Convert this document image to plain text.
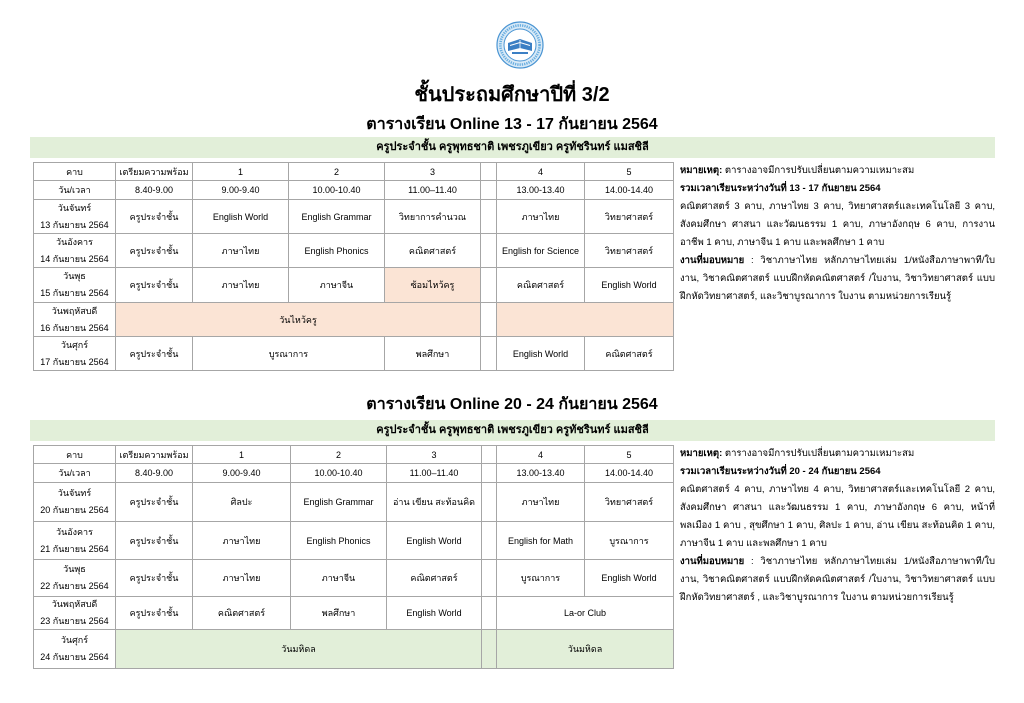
ชั้นประถมศึกษาปีที่ 3/2
ตารางเรียน Online 13 - 17 กันยายน 2564
ครูประจำชั้น ครูพุทธชาติ เพชรภูเขียว ครูทัชรินทร์ แมสชิลี
คาบ	เตรียมความพร้อม	1	2	3		4	5

วัน/เวลา	8.40-9.00	9.00-9.40	10.00-10.40	11.00–11.40		13.00-13.40	14.00-14.40

วันจันทร์
13 กันยายน 2564	ครูประจำชั้น	English World	English Grammar	วิทยาการคำนวณ		ภาษาไทย	วิทยาศาสตร์

วันอังคาร
14 กันยายน 2564	ครูประจำชั้น	ภาษาไทย	English Phonics	คณิตศาสตร์		English for Science	วิทยาศาสตร์

วันพุธ
15 กันยายน 2564	ครูประจำชั้น	ภาษาไทย	ภาษาจีน	ซ้อมไหว้ครู		คณิตศาสตร์	English World

วันพฤหัสบดี
16 กันยายน 2564	วันไหว้ครู						

วันศุกร์
17 กันยายน 2564	ครูประจำชั้น	บูรณาการ		พลศึกษา		English World	คณิตศาสตร์

หมายเหตุ: ตารางอาจมีการปรับเปลี่ยนตามความเหมาะสม

รวมเวลาเรียนระหว่างวันที่ 13 - 17 กันยายน 2564

คณิตศาสตร์ 3 คาบ, ภาษาไทย 3 คาบ, วิทยาศาสตร์และเทคโนโลยี 3 คาบ, สังคมศึกษา ศาสนา และวัฒนธรรม 1 คาบ, ภาษาอังกฤษ 6 คาบ, การงานอาชีพ 1 คาบ, ภาษาจีน 1 คาบ และพลศึกษา 1 คาบ

งานที่มอบหมาย : วิชาภาษาไทย หลักภาษาไทยเล่ม 1/หนังสือภาษาพาที/ใบงาน, วิชาคณิตศาสตร์ แบบฝึกหัดคณิตศาสตร์ /ใบงาน, วิชาวิทยาศาสตร์ แบบฝึกหัดวิทยาศาสตร์, และวิชาบูรณาการ ใบงาน ตามหน่วยการเรียนรู้

ตารางเรียน Online 20 - 24 กันยายน 2564
ครูประจำชั้น ครูพุทธชาติ เพชรภูเขียว ครูทัชรินทร์ แมสชิลี
คาบ	เตรียมความพร้อม	1	2	3		4	5

วัน/เวลา	8.40-9.00	9.00-9.40	10.00-10.40	11.00–11.40		13.00-13.40	14.00-14.40

วันจันทร์
20 กันยายน 2564	ครูประจำชั้น	ศิลปะ	English Grammar	อ่าน เขียน สะท้อนคิด		ภาษาไทย	วิทยาศาสตร์

วันอังคาร
21 กันยายน 2564	ครูประจำชั้น	ภาษาไทย	English Phonics	English World		English for Math	บูรณาการ

วันพุธ
22 กันยายน 2564	ครูประจำชั้น	ภาษาไทย	ภาษาจีน	คณิตศาสตร์		บูรณาการ	English World

วันพฤหัสบดี
23 กันยายน 2564	ครูประจำชั้น	คณิตศาสตร์	พลศึกษา	English World		La-or Club	

วันศุกร์
24 กันยายน 2564	วันมหิดล					วันมหิดล	

หมายเหตุ: ตารางอาจมีการปรับเปลี่ยนตามความเหมาะสม

รวมเวลาเรียนระหว่างวันที่ 20 - 24 กันยายน 2564

คณิตศาสตร์ 4 คาบ, ภาษาไทย 4 คาบ, วิทยาศาสตร์และเทคโนโลยี 2 คาบ, สังคมศึกษา ศาสนา และวัฒนธรรม 1 คาบ, ภาษาอังกฤษ 6 คาบ, หน้าที่พลเมือง 1 คาบ , สุขศึกษา 1 คาบ, ศิลปะ 1 คาบ, อ่าน เขียน สะท้อนคิด 1 คาบ, ภาษาจีน 1 คาบ และพลศึกษา 1 คาบ

งานที่มอบหมาย : วิชาภาษาไทย หลักภาษาไทยเล่ม 1/หนังสือภาษาพาที/ใบงาน, วิชาคณิตศาสตร์ แบบฝึกหัดคณิตศาสตร์ /ใบงาน, วิชาวิทยาศาสตร์ แบบฝึกหัดวิทยาศาสตร์ , และวิชาบูรณาการ ใบงาน ตามหน่วยการเรียนรู้
